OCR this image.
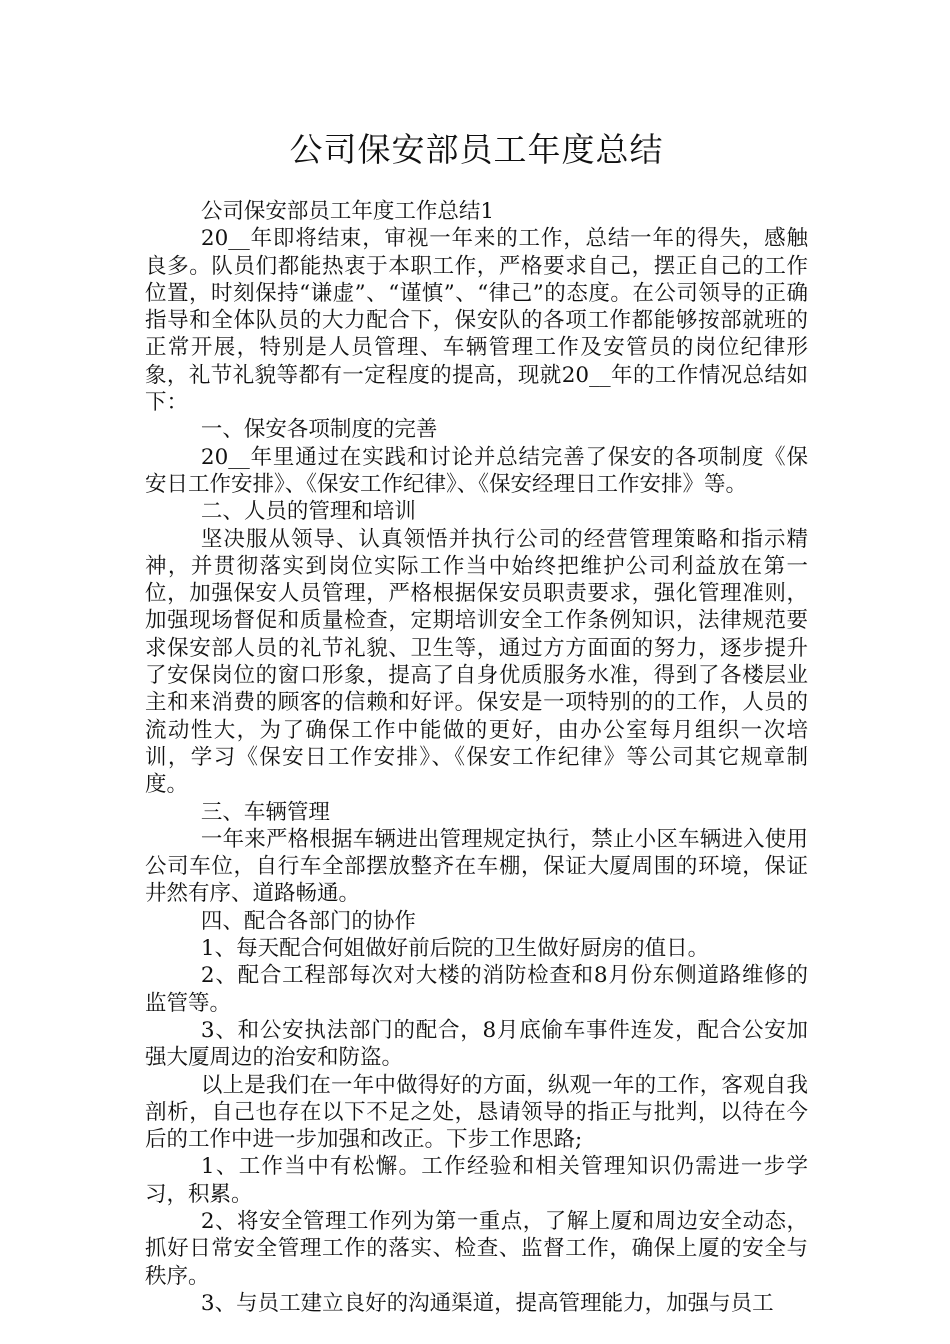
公司保安部员工年度总结

公司保安部员工年度工作总结1

20__年即将结束，审视一年来的工作，总结一年的得失，感触良多。队员们都能热衷于本职工作，严格要求自己，摆正自己的工作位置，时刻保持“谦虚”、“谨慎”、“律己”的态度。在公司领导的正确指导和全体队员的大力配合下，保安队的各项工作都能够按部就班的正常开展，特别是人员管理、车辆管理工作及安管员的岗位纪律形象，礼节礼貌等都有一定程度的提高，现就20__年的工作情况总结如下：

一、保安各项制度的完善

20__年里通过在实践和讨论并总结完善了保安的各项制度《保安日工作安排》、《保安工作纪律》、《保安经理日工作安排》等。

二、人员的管理和培训

坚决服从领导、认真领悟并执行公司的经营管理策略和指示精神，并贯彻落实到岗位实际工作当中始终把维护公司利益放在第一位，加强保安人员管理，严格根据保安员职责要求，强化管理准则，加强现场督促和质量检查，定期培训安全工作条例知识，法律规范要求保安部人员的礼节礼貌、卫生等，通过方方面面的努力，逐步提升了安保岗位的窗口形象，提高了自身优质服务水准，得到了各楼层业主和来消费的顾客的信赖和好评。保安是一项特别的的工作，人员的流动性大，为了确保工作中能做的更好，由办公室每月组织一次培训，学习《保安日工作安排》、《保安工作纪律》等公司其它规章制度。

三、车辆管理

一年来严格根据车辆进出管理规定执行，禁止小区车辆进入使用公司车位，自行车全部摆放整齐在车棚，保证大厦周围的环境，保证井然有序、道路畅通。

四、配合各部门的协作

1、每天配合何姐做好前后院的卫生做好厨房的值日。

2、配合工程部每次对大楼的消防检查和8月份东侧道路维修的监管等。

3、和公安执法部门的配合，8月底偷车事件连发，配合公安加强大厦周边的治安和防盗。

以上是我们在一年中做得好的方面，纵观一年的工作，客观自我剖析，自己也存在以下不足之处，恳请领导的指正与批判，以待在今后的工作中进一步加强和改正。下步工作思路;

1、工作当中有松懈。工作经验和相关管理知识仍需进一步学习，积累。

2、将安全管理工作列为第一重点，了解上厦和周边安全动态，抓好日常安全管理工作的落实、检查、监督工作，确保上厦的安全与秩序。

3、与员工建立良好的沟通渠道，提高管理能力，加强与员工
